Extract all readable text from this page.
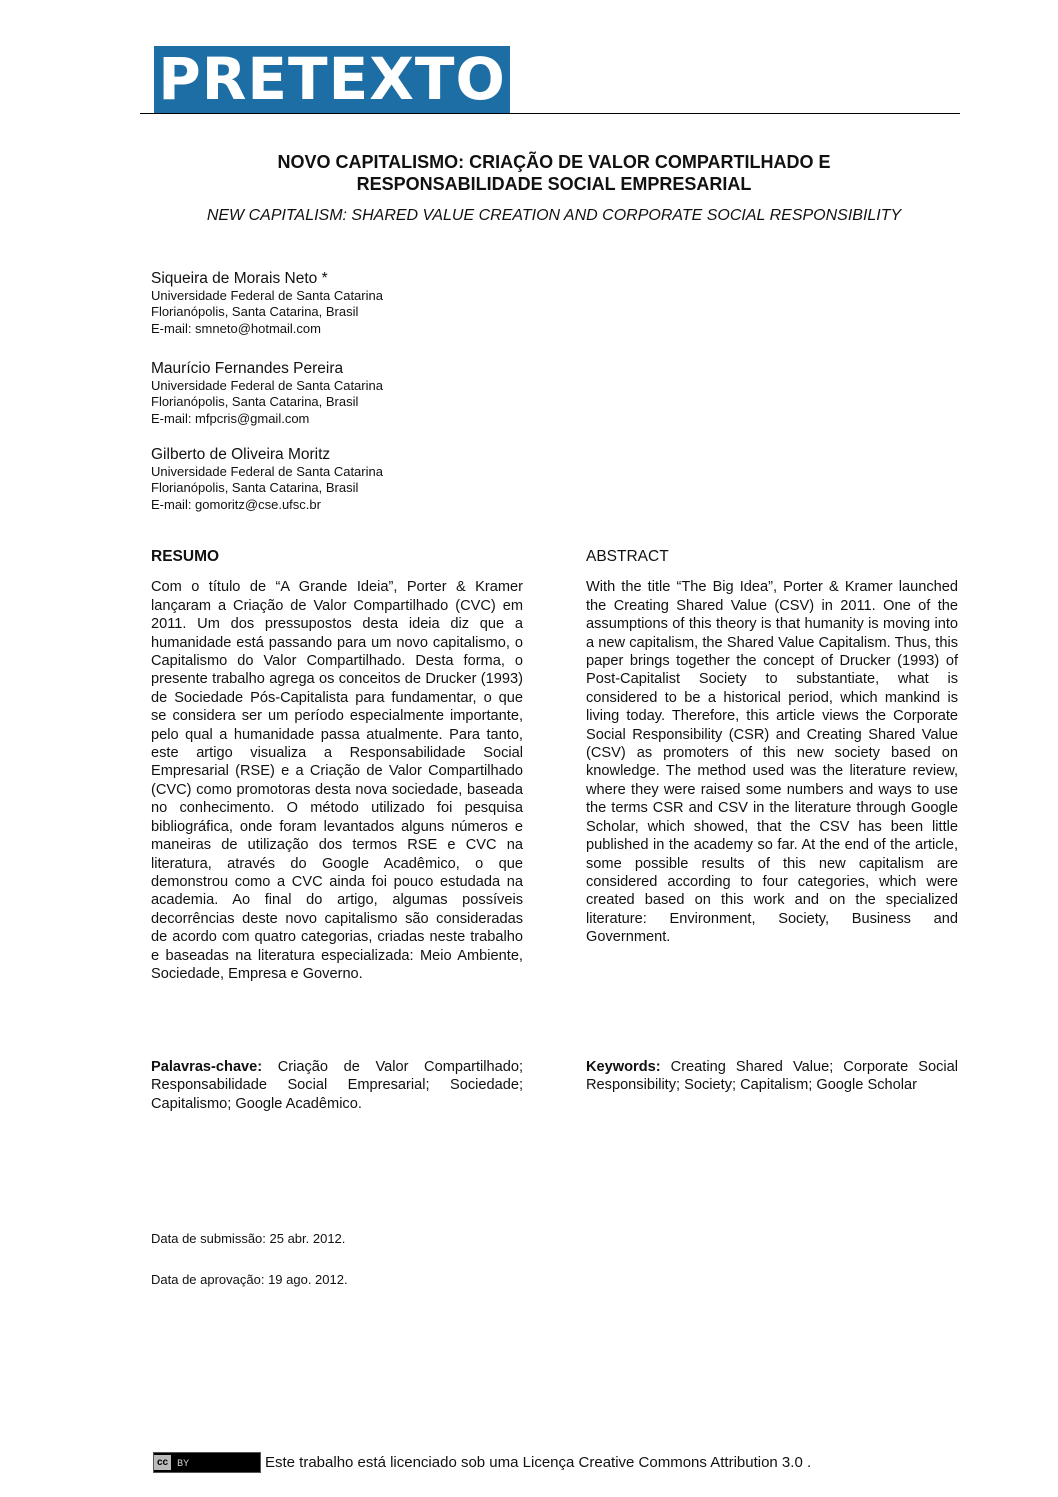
PRETEXTO
NOVO CAPITALISMO: CRIAÇÃO DE VALOR COMPARTILHADO E
RESPONSABILIDADE SOCIAL EMPRESARIAL
NEW CAPITALISM: SHARED VALUE CREATION AND CORPORATE SOCIAL RESPONSIBILITY
Siqueira de Morais Neto *
Universidade Federal de Santa Catarina
Florianópolis, Santa Catarina, Brasil
E-mail: smneto@hotmail.com
Maurício Fernandes Pereira
Universidade Federal de Santa Catarina
Florianópolis, Santa Catarina, Brasil
E-mail: mfpcris@gmail.com
Gilberto de Oliveira Moritz
Universidade Federal de Santa Catarina
Florianópolis, Santa Catarina, Brasil
E-mail: gomoritz@cse.ufsc.br
RESUMO

Com o título de “A Grande Ideia”, Porter & Kramer lançaram a Criação de Valor Compartilhado (CVC) em 2011. Um dos pressupostos desta ideia diz que a humanidade está passando para um novo capitalismo, o Capitalismo do Valor Compartilhado. Desta forma, o presente trabalho agrega os conceitos de Drucker (1993) de Sociedade Pós-Capitalista para fundamentar, o que se considera ser um período especialmente importante, pelo qual a humanidade passa atualmente. Para tanto, este artigo visualiza a Responsabilidade Social Empresarial (RSE) e a Criação de Valor Compartilhado (CVC) como promotoras desta nova sociedade, baseada no conhecimento. O método utilizado foi pesquisa bibliográfica, onde foram levantados alguns números e maneiras de utilização dos termos RSE e CVC na literatura, através do Google Acadêmico, o que demonstrou como a CVC ainda foi pouco estudada na academia. Ao final do artigo, algumas possíveis decorrências deste novo capitalismo são consideradas de acordo com quatro categorias, criadas neste trabalho e baseadas na literatura especializada: Meio Ambiente, Sociedade, Empresa e Governo.

Palavras-chave: Criação de Valor Compartilhado; Responsabilidade Social Empresarial; Sociedade; Capitalismo; Google Acadêmico.
ABSTRACT

With the title “The Big Idea”, Porter & Kramer launched the Creating Shared Value (CSV) in 2011. One of the assumptions of this theory is that humanity is moving into a new capitalism, the Shared Value Capitalism. Thus, this paper brings together the concept of Drucker (1993) of Post-Capitalist Society to substantiate, what is considered to be a historical period, which mankind is living today. Therefore, this article views the Corporate Social Responsibility (CSR) and Creating Shared Value (CSV) as promoters of this new society based on knowledge. The method used was the literature review, where they were raised some numbers and ways to use the terms CSR and CSV in the literature through Google Scholar, which showed, that the CSV has been little published in the academy so far. At the end of the article, some possible results of this new capitalism are considered according to four categories, which were created based on this work and on the specialized literature: Environment, Society, Business and Government.

Keywords: Creating Shared Value; Corporate Social Responsibility; Society; Capitalism; Google Scholar
Data de submissão: 25 abr. 2012.
Data de aprovação: 19 ago. 2012.
cc	BY	Este trabalho está licenciado sob uma Licença Creative Commons Attribution 3.0 .
